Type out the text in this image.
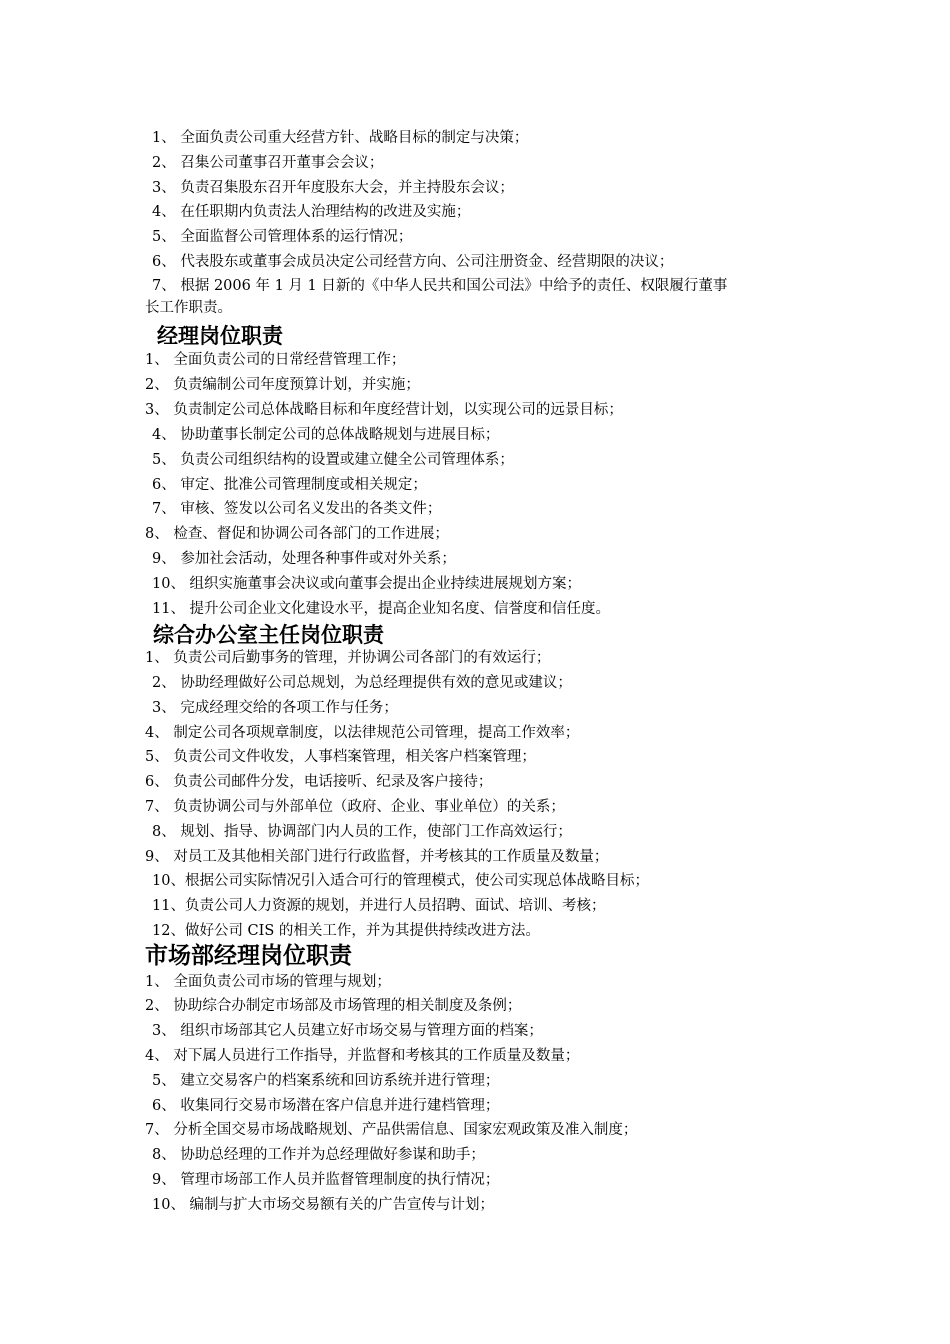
1、 全面负责公司重大经营方针、战略目标的制定与决策；
2、 召集公司董事召开董事会会议；
3、 负责召集股东召开年度股东大会，并主持股东会议；
4、 在任职期内负责法人治理结构的改进及实施；
5、 全面监督公司管理体系的运行情况；
6、 代表股东或董事会成员决定公司经营方向、公司注册资金、经营期限的决议；
7、 根据 2006 年 1 月 1 日新的《中华人民共和国公司法》中给予的责任、权限履行董事
长工作职责。
经理岗位职责
1、 全面负责公司的日常经营管理工作；
2、 负责编制公司年度预算计划，并实施；
3、 负责制定公司总体战略目标和年度经营计划，以实现公司的远景目标；
4、 协助董事长制定公司的总体战略规划与进展目标；
5、 负责公司组织结构的设置或建立健全公司管理体系；
6、 审定、批准公司管理制度或相关规定；
7、 审核、签发以公司名义发出的各类文件；
8、 检查、督促和协调公司各部门的工作进展；
9、 参加社会活动，处理各种事件或对外关系；
10、 组织实施董事会决议或向董事会提出企业持续进展规划方案；
11、 提升公司企业文化建设水平，提高企业知名度、信誉度和信任度。
综合办公室主任岗位职责
1、 负责公司后勤事务的管理，并协调公司各部门的有效运行；
2、 协助经理做好公司总规划，为总经理提供有效的意见或建议；
3、 完成经理交给的各项工作与任务；
4、 制定公司各项规章制度，以法律规范公司管理，提高工作效率；
5、 负责公司文件收发，人事档案管理，相关客户档案管理；
6、 负责公司邮件分发，电话接听、纪录及客户接待；
7、 负责协调公司与外部单位（政府、企业、事业单位）的关系；
8、 规划、指导、协调部门内人员的工作，使部门工作高效运行；
9、 对员工及其他相关部门进行行政监督，并考核其的工作质量及数量；
10、根据公司实际情况引入适合可行的管理模式，使公司实现总体战略目标；
11、负责公司人力资源的规划，并进行人员招聘、面试、培训、考核；
12、做好公司 CIS 的相关工作，并为其提供持续改进方法。
市场部经理岗位职责
1、 全面负责公司市场的管理与规划；
2、 协助综合办制定市场部及市场管理的相关制度及条例；
3、 组织市场部其它人员建立好市场交易与管理方面的档案；
4、 对下属人员进行工作指导，并监督和考核其的工作质量及数量；
5、 建立交易客户的档案系统和回访系统并进行管理；
6、 收集同行交易市场潜在客户信息并进行建档管理；
7、 分析全国交易市场战略规划、产品供需信息、国家宏观政策及准入制度；
8、 协助总经理的工作并为总经理做好参谋和助手；
9、 管理市场部工作人员并监督管理制度的执行情况；
10、 编制与扩大市场交易额有关的广告宣传与计划；
